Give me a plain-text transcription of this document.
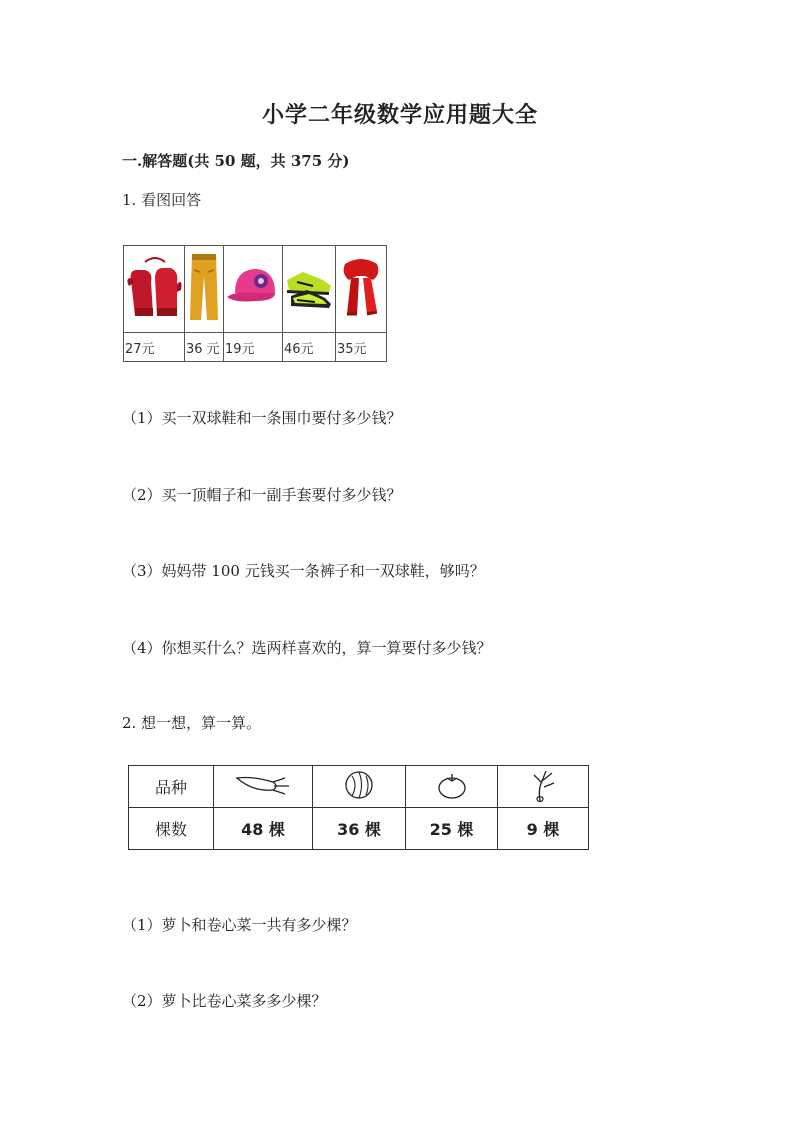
小学二年级数学应用题大全
一.解答题(共 50 题，共 375 分)
1. 看图回答

27元	36 元	19元	46元	35元
（1）买一双球鞋和一条围巾要付多少钱？
（2）买一顶帽子和一副手套要付多少钱？
（3）妈妈带 100 元钱买一条裤子和一双球鞋，够吗？
（4）你想买什么？选两样喜欢的，算一算要付多少钱？
2. 想一想，算一算。
品种				
棵数	48 棵	36 棵	25 棵	9 棵
（1）萝卜和卷心菜一共有多少棵？
（2）萝卜比卷心菜多多少棵？
